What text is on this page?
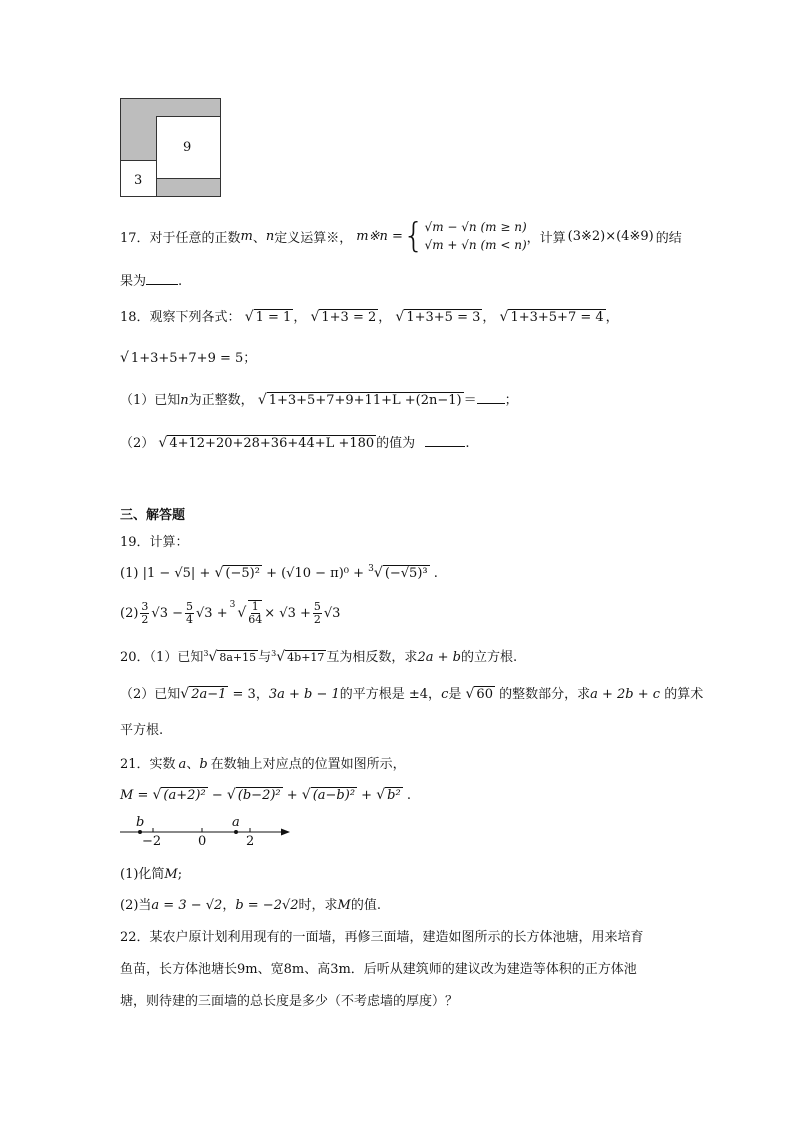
9
3
17．对于任意的正数 m 、 n 定义运算※， m※n = { √m − √n (m ≥ n)
√m + √n (m < n) ，计算 (3※2)×(4※9) 的结
果为 .
18．观察下列各式： √ 1 = 1 ， √ 1+3 = 2 ， √ 1+3+5 = 3 ， √ 1+3+5+7 = 4 ，
√ 1+3+5+7+9 = 5；
（1）已知n为正整数， √ 1+3+5+7+9+11+L +(2n−1) ＝ ；
（2） √ 4+12+20+28+36+44+L +180 的值为	.
三、解答题
19．计算：
(1) |1 − √5| + √ (−5)² + (√10 − π)⁰ + $^3$√ (−√5)³ .
$(2) \frac{3}{2} √3 - \frac{5}{4} √3$ +
3 √ $\frac{1}{64} \times √3 + \frac{5}{2} √3$
20．（1）已知$^3$√ 8a+15 与$^3$√ 4b+17 互为相反数，求2a + b的立方根.
（2）已知√ 2a−1 = 3，3a + b − 1的平方根是 ±4，c是 √ 60 的整数部分，求a + 2b + c 的算术
平方根.
21．实数 a、b 在数轴上对应点的位置如图所示，
M = √ (a+2)² − √ (b−2)² + √ (a−b)² + √ b² .
b	a
−2	0	2
(1)化简M;
(2)当a = 3 − √2，b = −2√2时，求M的值.
22．某农户原计划利用现有的一面墙，再修三面墙，建造如图所示的长方体池塘，用来培育
鱼苗，长方体池塘长9m、宽8m、高3m．后听从建筑师的建议改为建造等体积的正方体池
塘，则待建的三面墙的总长度是多少（不考虑墙的厚度）？
